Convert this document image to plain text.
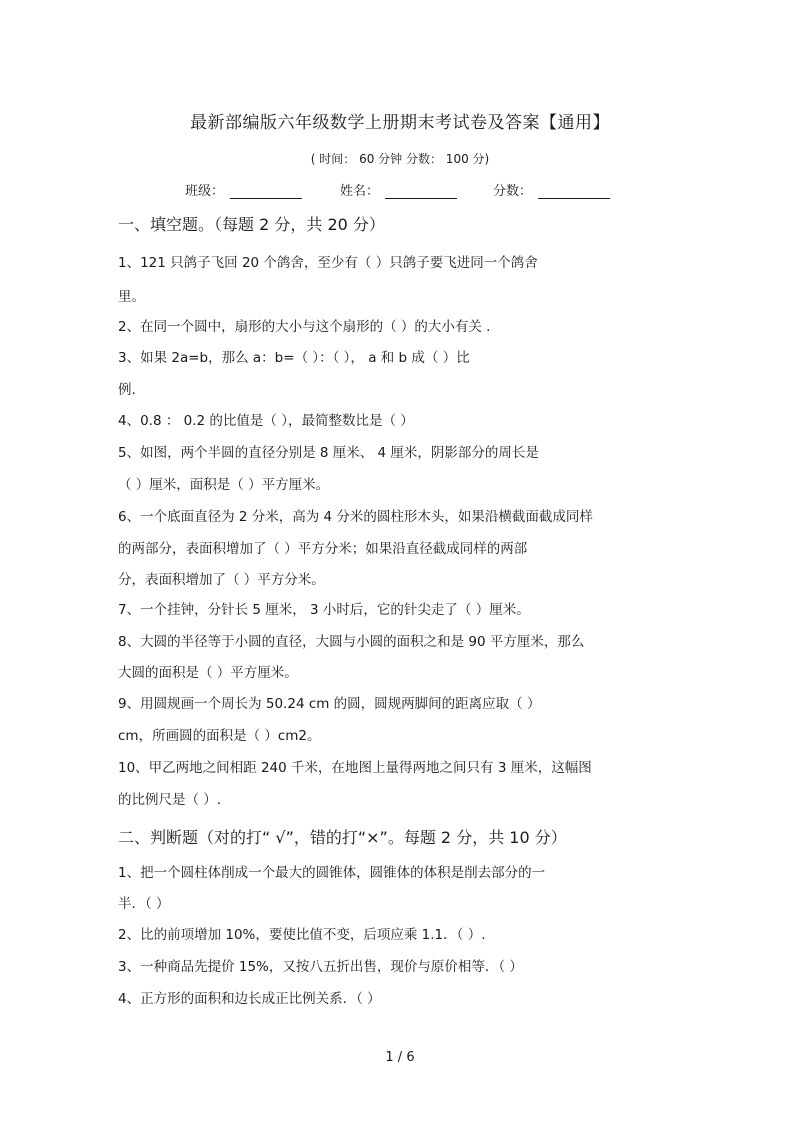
最新部编版六年级数学上册期末考试卷及答案【通用】
( 时间： 60 分钟 分数： 100 分)
班级：	姓名：	分数：
一、填空题。（每题 2 分，共 20 分）
1、121 只鸽子飞回 20 个鸽舍，至少有（ ）只鸽子要飞进同一个鸽舍
里。
2、在同一个圆中，扇形的大小与这个扇形的（ ）的大小有关 .
3、如果 2a=b，那么 a：b=（ ）：（ ）， a 和 b 成（ ）比
例.
4、0.8 ： 0.2 的比值是（ ），最简整数比是（ ）
5、如图，两个半圆的直径分别是 8 厘米、 4 厘米，阴影部分的周长是
（ ）厘米，面积是（ ）平方厘米。
6、一个底面直径为 2 分米，高为 4 分米的圆柱形木头，如果沿横截面截成同样
的两部分，表面积增加了（ ）平方分米；如果沿直径截成同样的两部
分，表面积增加了（ ）平方分米。
7、一个挂钟，分针长 5 厘米， 3 小时后，它的针尖走了（ ）厘米。
8、大圆的半径等于小圆的直径，大圆与小圆的面积之和是 90 平方厘米，那么
大圆的面积是（ ）平方厘米。
9、用圆规画一个周长为 50.24 cm 的圆，圆规两脚间的距离应取（ ）
cm，所画圆的面积是（ ）cm2。
10、甲乙两地之间相距 240 千米，在地图上量得两地之间只有 3 厘米，这幅图
的比例尺是（ ）.
二、判断题（对的打“ √”，错的打“×”。每题 2 分，共 10 分）
1、把一个圆柱体削成一个最大的圆锥体，圆锥体的体积是削去部分的一
半．（ ）
2、比的前项增加 10%，要使比值不变，后项应乘 1.1．（ ）.
3、一种商品先提价 15%，又按八五折出售，现价与原价相等．（ ）
4、正方形的面积和边长成正比例关系．（ ）
1 / 6
